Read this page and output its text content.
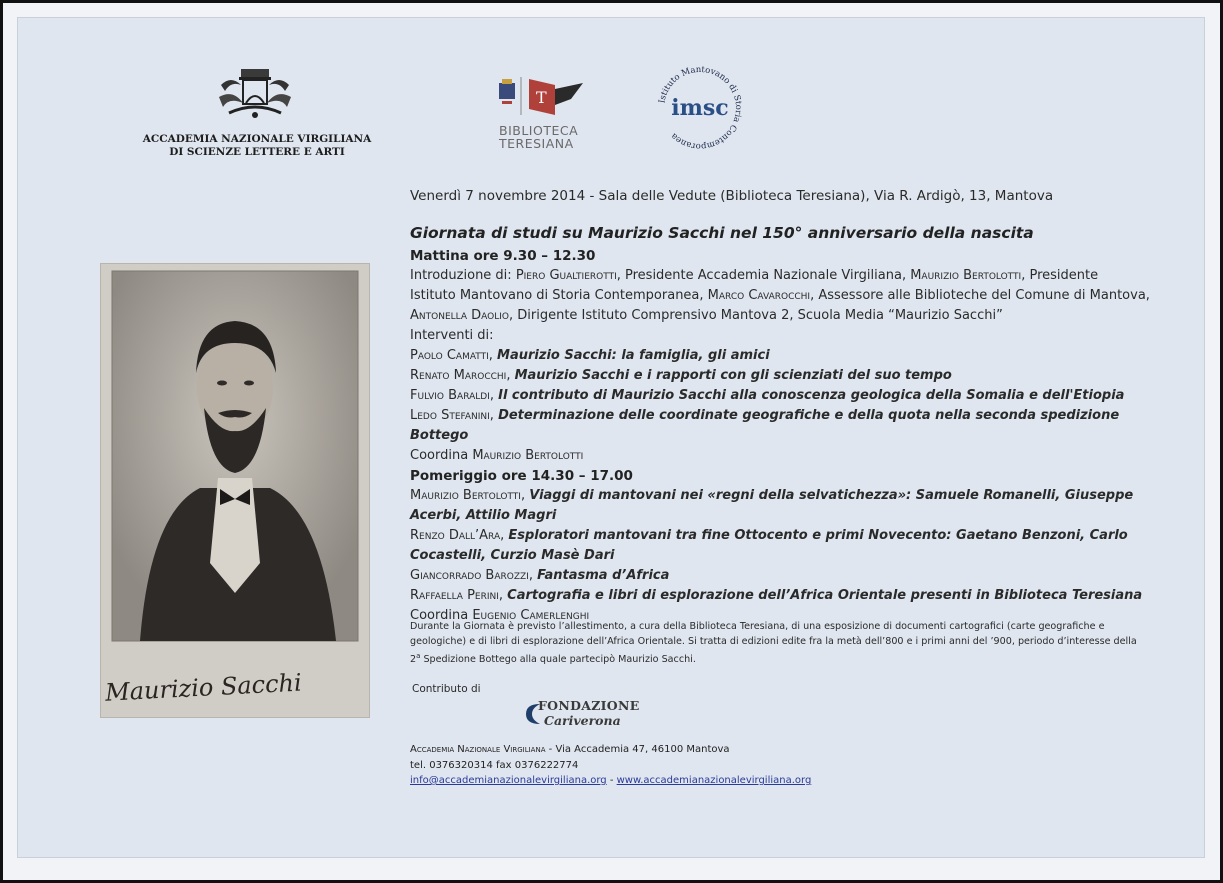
ACCADEMIA NAZIONALE VIRGILIANA
DI SCIENZE LETTERE E ARTI
T
BIBLIOTECA
TERESIANA
Istituto Mantovano di Storia Contemporanea
imsc
Venerdì 7 novembre 2014 - Sala delle Vedute (Biblioteca Teresiana), Via R. Ardigò, 13, Mantova
Giornata di studi su Maurizio Sacchi nel 150° anniversario della nascita

Mattina ore 9.30 – 12.30

Introduzione di: Piero Gualtierotti, Presidente Accademia Nazionale Virgiliana, Maurizio Bertolotti, Presidente

Istituto Mantovano di Storia Contemporanea, Marco Cavarocchi, Assessore alle Biblioteche del Comune di Mantova,

Antonella Daolio, Dirigente Istituto Comprensivo Mantova 2, Scuola Media “Maurizio Sacchi”

Interventi di:

Paolo Camatti, Maurizio Sacchi: la famiglia, gli amici

Renato Marocchi, Maurizio Sacchi e i rapporti con gli scienziati del suo tempo

Fulvio Baraldi, Il contributo di Maurizio Sacchi alla conoscenza geologica della Somalia e dell'Etiopia

Ledo Stefanini, Determinazione delle coordinate geografiche e della quota nella seconda spedizione Bottego

Coordina Maurizio Bertolotti

Pomeriggio ore 14.30 – 17.00

Maurizio Bertolotti, Viaggi di mantovani nei «regni della selvatichezza»: Samuele Romanelli, Giuseppe Acerbi, Attilio Magri

Renzo Dall’Ara, Esploratori mantovani tra fine Ottocento e primi Novecento: Gaetano Benzoni, Carlo Cocastelli, Curzio Masè Dari

Giancorrado Barozzi, Fantasma d’Africa

Raffaella Perini, Cartografia e libri di esplorazione dell’Africa Orientale presenti in Biblioteca Teresiana

Coordina Eugenio Camerlenghi

Durante la Giornata è previsto l’allestimento, a cura della Biblioteca Teresiana, di una esposizione di documenti cartografici (carte geografiche e geologiche) e di libri di esplorazione dell’Africa Orientale. Si tratta di edizioni edite fra la metà dell’800 e i primi anni del ’900, periodo d’interesse della 2$^a$ Spedizione Bottego alla quale partecipò Maurizio Sacchi.
Contributo di
FONDAZIONE
Cariverona
Accademia Nazionale Virgiliana - Via Accademia 47, 46100 Mantova
tel. 0376320314 fax 0376222774
info@accademianazionalevirgiliana.org - www.accademianazionalevirgiliana.org
Maurizio Sacchi
